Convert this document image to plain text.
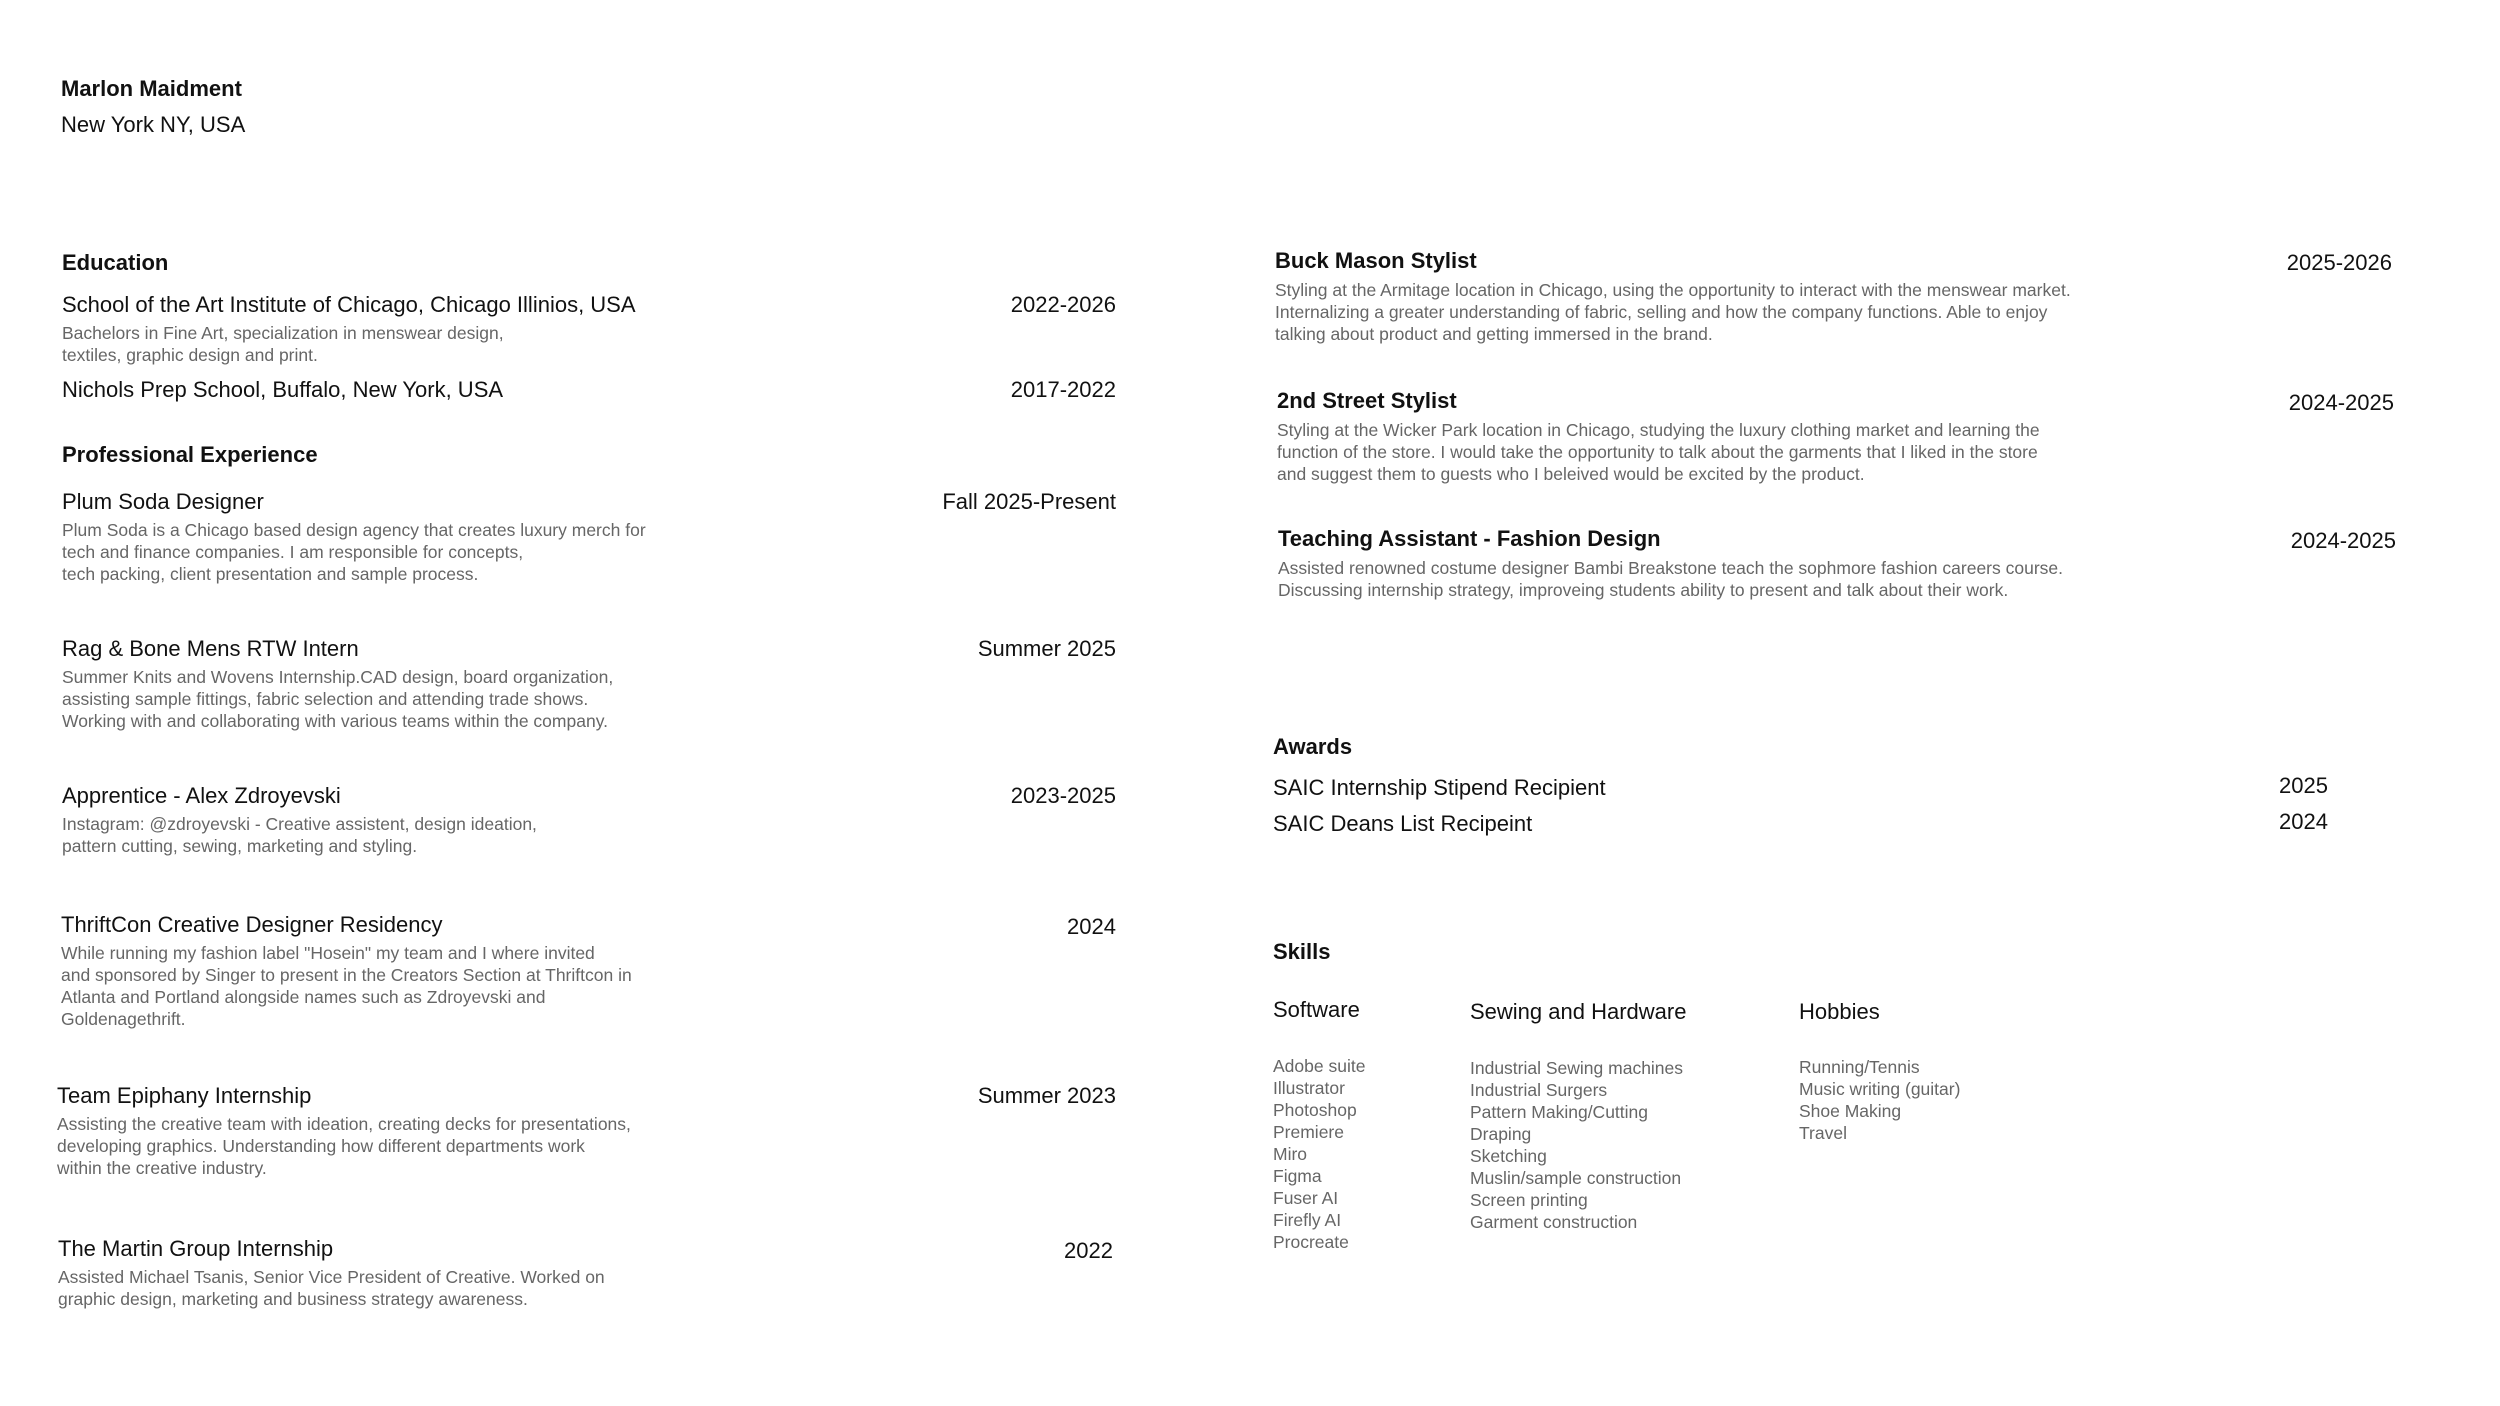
Marlon Maidment
New York NY, USA
Education
School of the Art Institute of Chicago, Chicago Illinios, USA	2022-2026
Bachelors in Fine Art, specialization in menswear design,
textiles, graphic design and print.
Nichols Prep School, Buffalo, New York, USA	2017-2022
Professional Experience
Plum Soda Designer	Fall 2025-Present
Plum Soda is a Chicago based design agency that creates luxury merch for
tech and finance companies. I am responsible for concepts,
tech packing, client presentation and sample process.
Rag & Bone Mens RTW Intern	Summer 2025
Summer Knits and Wovens Internship.CAD design, board organization,
assisting sample fittings, fabric selection and attending trade shows.
Working with and collaborating with various teams within the company.
Apprentice - Alex Zdroyevski	2023-2025
Instagram: @zdroyevski - Creative assistent, design ideation,
pattern cutting, sewing, marketing and styling.
ThriftCon Creative Designer Residency	2024
While running my fashion label "Hosein" my team and I where invited
and sponsored by Singer to present in the Creators Section at Thriftcon in
Atlanta and Portland alongside names such as Zdroyevski and
Goldenagethrift.
Team Epiphany Internship	Summer 2023
Assisting the creative team with ideation, creating decks for presentations,
developing graphics. Understanding how different departments work
within the creative industry.
The Martin Group Internship	2022
Assisted Michael Tsanis, Senior Vice President of Creative. Worked on
graphic design, marketing and business strategy awareness.
Buck Mason Stylist	2025-2026
Styling at the Armitage location in Chicago, using the opportunity to interact with the menswear market.
Internalizing a greater understanding of fabric, selling and how the company functions. Able to enjoy
talking about product and getting immersed in the brand.
2nd Street Stylist	2024-2025
Styling at the Wicker Park location in Chicago, studying the luxury clothing market and learning the
function of the store. I would take the opportunity to talk about the garments that I liked in the store
and suggest them to guests who I beleived would be excited by the product.
Teaching Assistant - Fashion Design	2024-2025
Assisted renowned costume designer Bambi Breakstone teach the sophmore fashion careers course.
Discussing internship strategy, improveing students ability to present and talk about their work.
Awards
SAIC Internship Stipend Recipient	2025
SAIC Deans List Recipeint	2024
Skills
Software
Adobe suite
Illustrator
Photoshop
Premiere
Miro
Figma
Fuser AI
Firefly AI
Procreate
Sewing and Hardware
Industrial Sewing machines
Industrial Surgers
Pattern Making/Cutting
Draping
Sketching
Muslin/sample construction
Screen printing
Garment construction
Hobbies
Running/Tennis
Music writing (guitar)
Shoe Making
Travel
